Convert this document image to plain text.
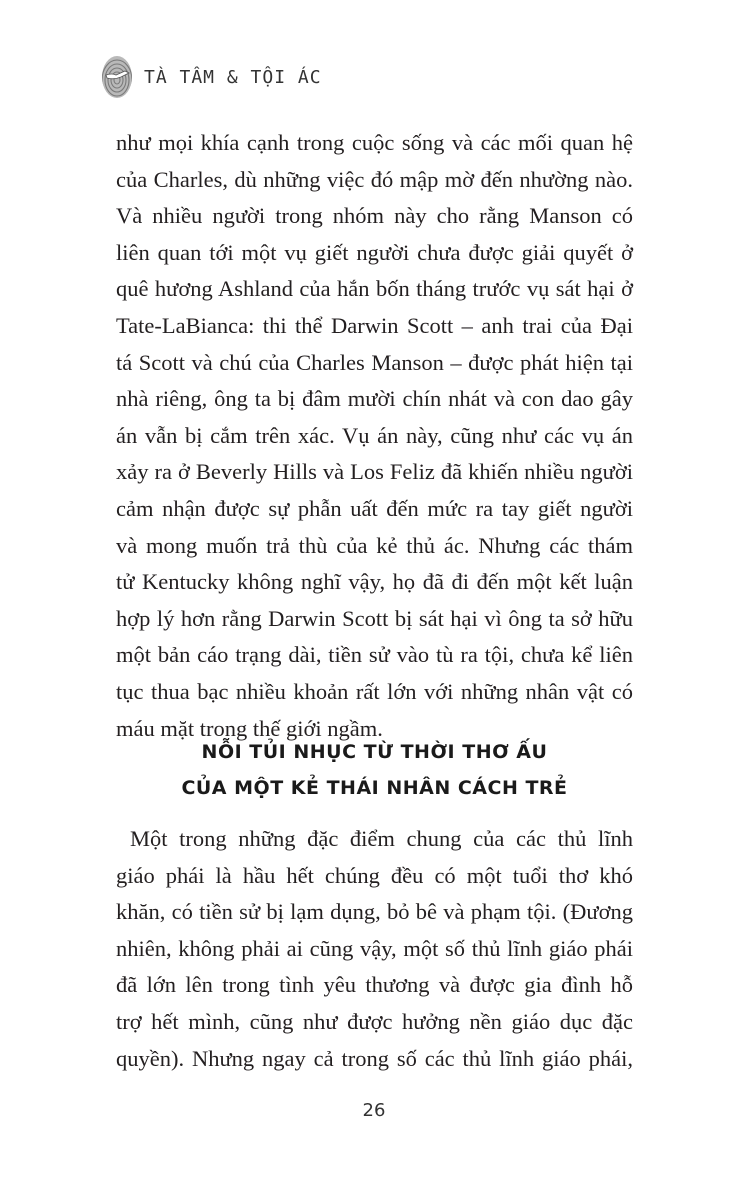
TÀ TÂM & TỘI ÁC
như mọi khía cạnh trong cuộc sống và các mối quan hệ
của Charles, dù những việc đó mập mờ đến nhường nào.
Và nhiều người trong nhóm này cho rằng Manson có
liên quan tới một vụ giết người chưa được giải quyết ở
quê hương Ashland của hắn bốn tháng trước vụ sát hại ở
Tate-LaBianca: thi thể Darwin Scott – anh trai của Đại
tá Scott và chú của Charles Manson – được phát hiện tại
nhà riêng, ông ta bị đâm mười chín nhát và con dao gây
án vẫn bị cắm trên xác. Vụ án này, cũng như các vụ án
xảy ra ở Beverly Hills và Los Feliz đã khiến nhiều người
cảm nhận được sự phẫn uất đến mức ra tay giết người
và mong muốn trả thù của kẻ thủ ác. Nhưng các thám
tử Kentucky không nghĩ vậy, họ đã đi đến một kết luận
hợp lý hơn rằng Darwin Scott bị sát hại vì ông ta sở hữu
một bản cáo trạng dài, tiền sử vào tù ra tội, chưa kể liên
tục thua bạc nhiều khoản rất lớn với những nhân vật có
máu mặt trong thế giới ngầm.
NỖI TỦI NHỤC TỪ THỜI THƠ ẤU
CỦA MỘT KẺ THÁI NHÂN CÁCH TRẺ
Một trong những đặc điểm chung của các thủ lĩnh
giáo phái là hầu hết chúng đều có một tuổi thơ khó
khăn, có tiền sử bị lạm dụng, bỏ bê và phạm tội. (Đương
nhiên, không phải ai cũng vậy, một số thủ lĩnh giáo phái
đã lớn lên trong tình yêu thương và được gia đình hỗ
trợ hết mình, cũng như được hưởng nền giáo dục đặc
quyền). Nhưng ngay cả trong số các thủ lĩnh giáo phái,
26
